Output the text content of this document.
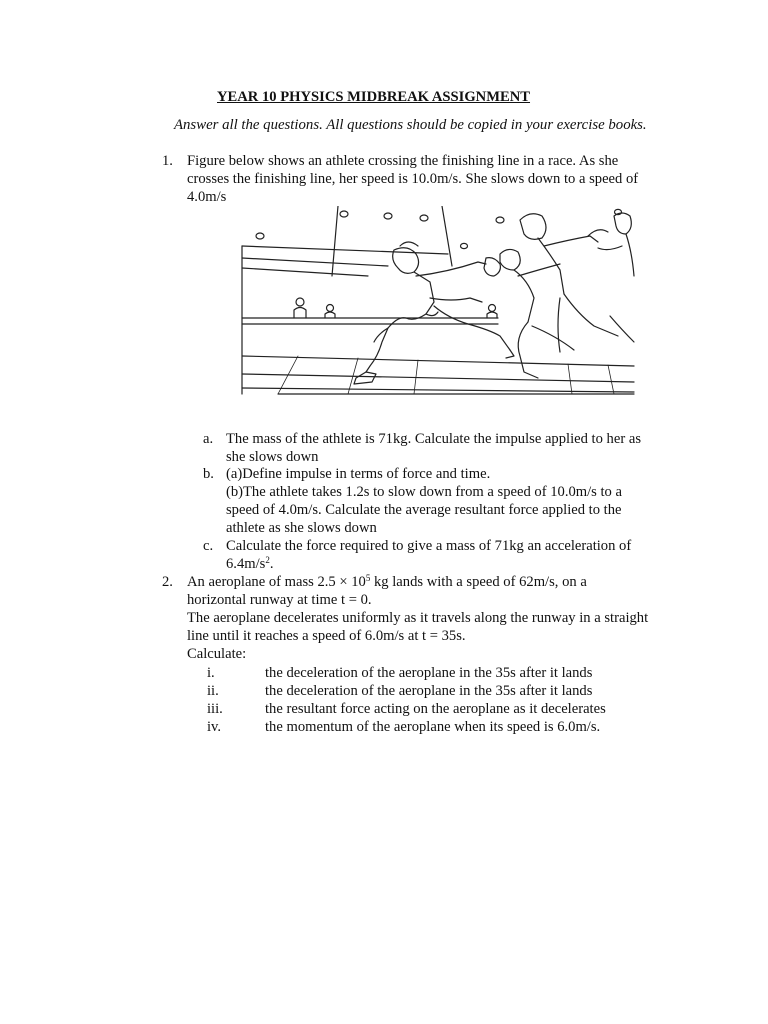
YEAR 10 PHYSICS MIDBREAK ASSIGNMENT
Answer all the questions. All questions should be copied in your exercise books.
1. Figure below shows an athlete crossing the finishing line in a race. As she
crosses the finishing line, her speed is 10.0m/s. She slows down to a speed of
4.0m/s
a. The mass of the athlete is 71kg. Calculate the impulse applied to her as
she slows down
b. (a)Define impulse in terms of force and time.
(b)The athlete takes 1.2s to slow down from a speed of 10.0m/s to a
speed of 4.0m/s. Calculate the average resultant force applied to the
athlete as she slows down
c. Calculate the force required to give a mass of 71kg an acceleration of
$6.4m/s^2$.
2. An aeroplane of mass $2.5 \times 10^5$ kg lands with a speed of 62m/s, on a
horizontal runway at time t = 0.
The aeroplane decelerates uniformly as it travels along the runway in a straight
line until it reaches a speed of 6.0m/s at t = 35s.
Calculate:
i.	the deceleration of the aeroplane in the 35s after it lands
ii.	the deceleration of the aeroplane in the 35s after it lands
iii.	the resultant force acting on the aeroplane as it decelerates
iv.	the momentum of the aeroplane when its speed is 6.0m/s.
